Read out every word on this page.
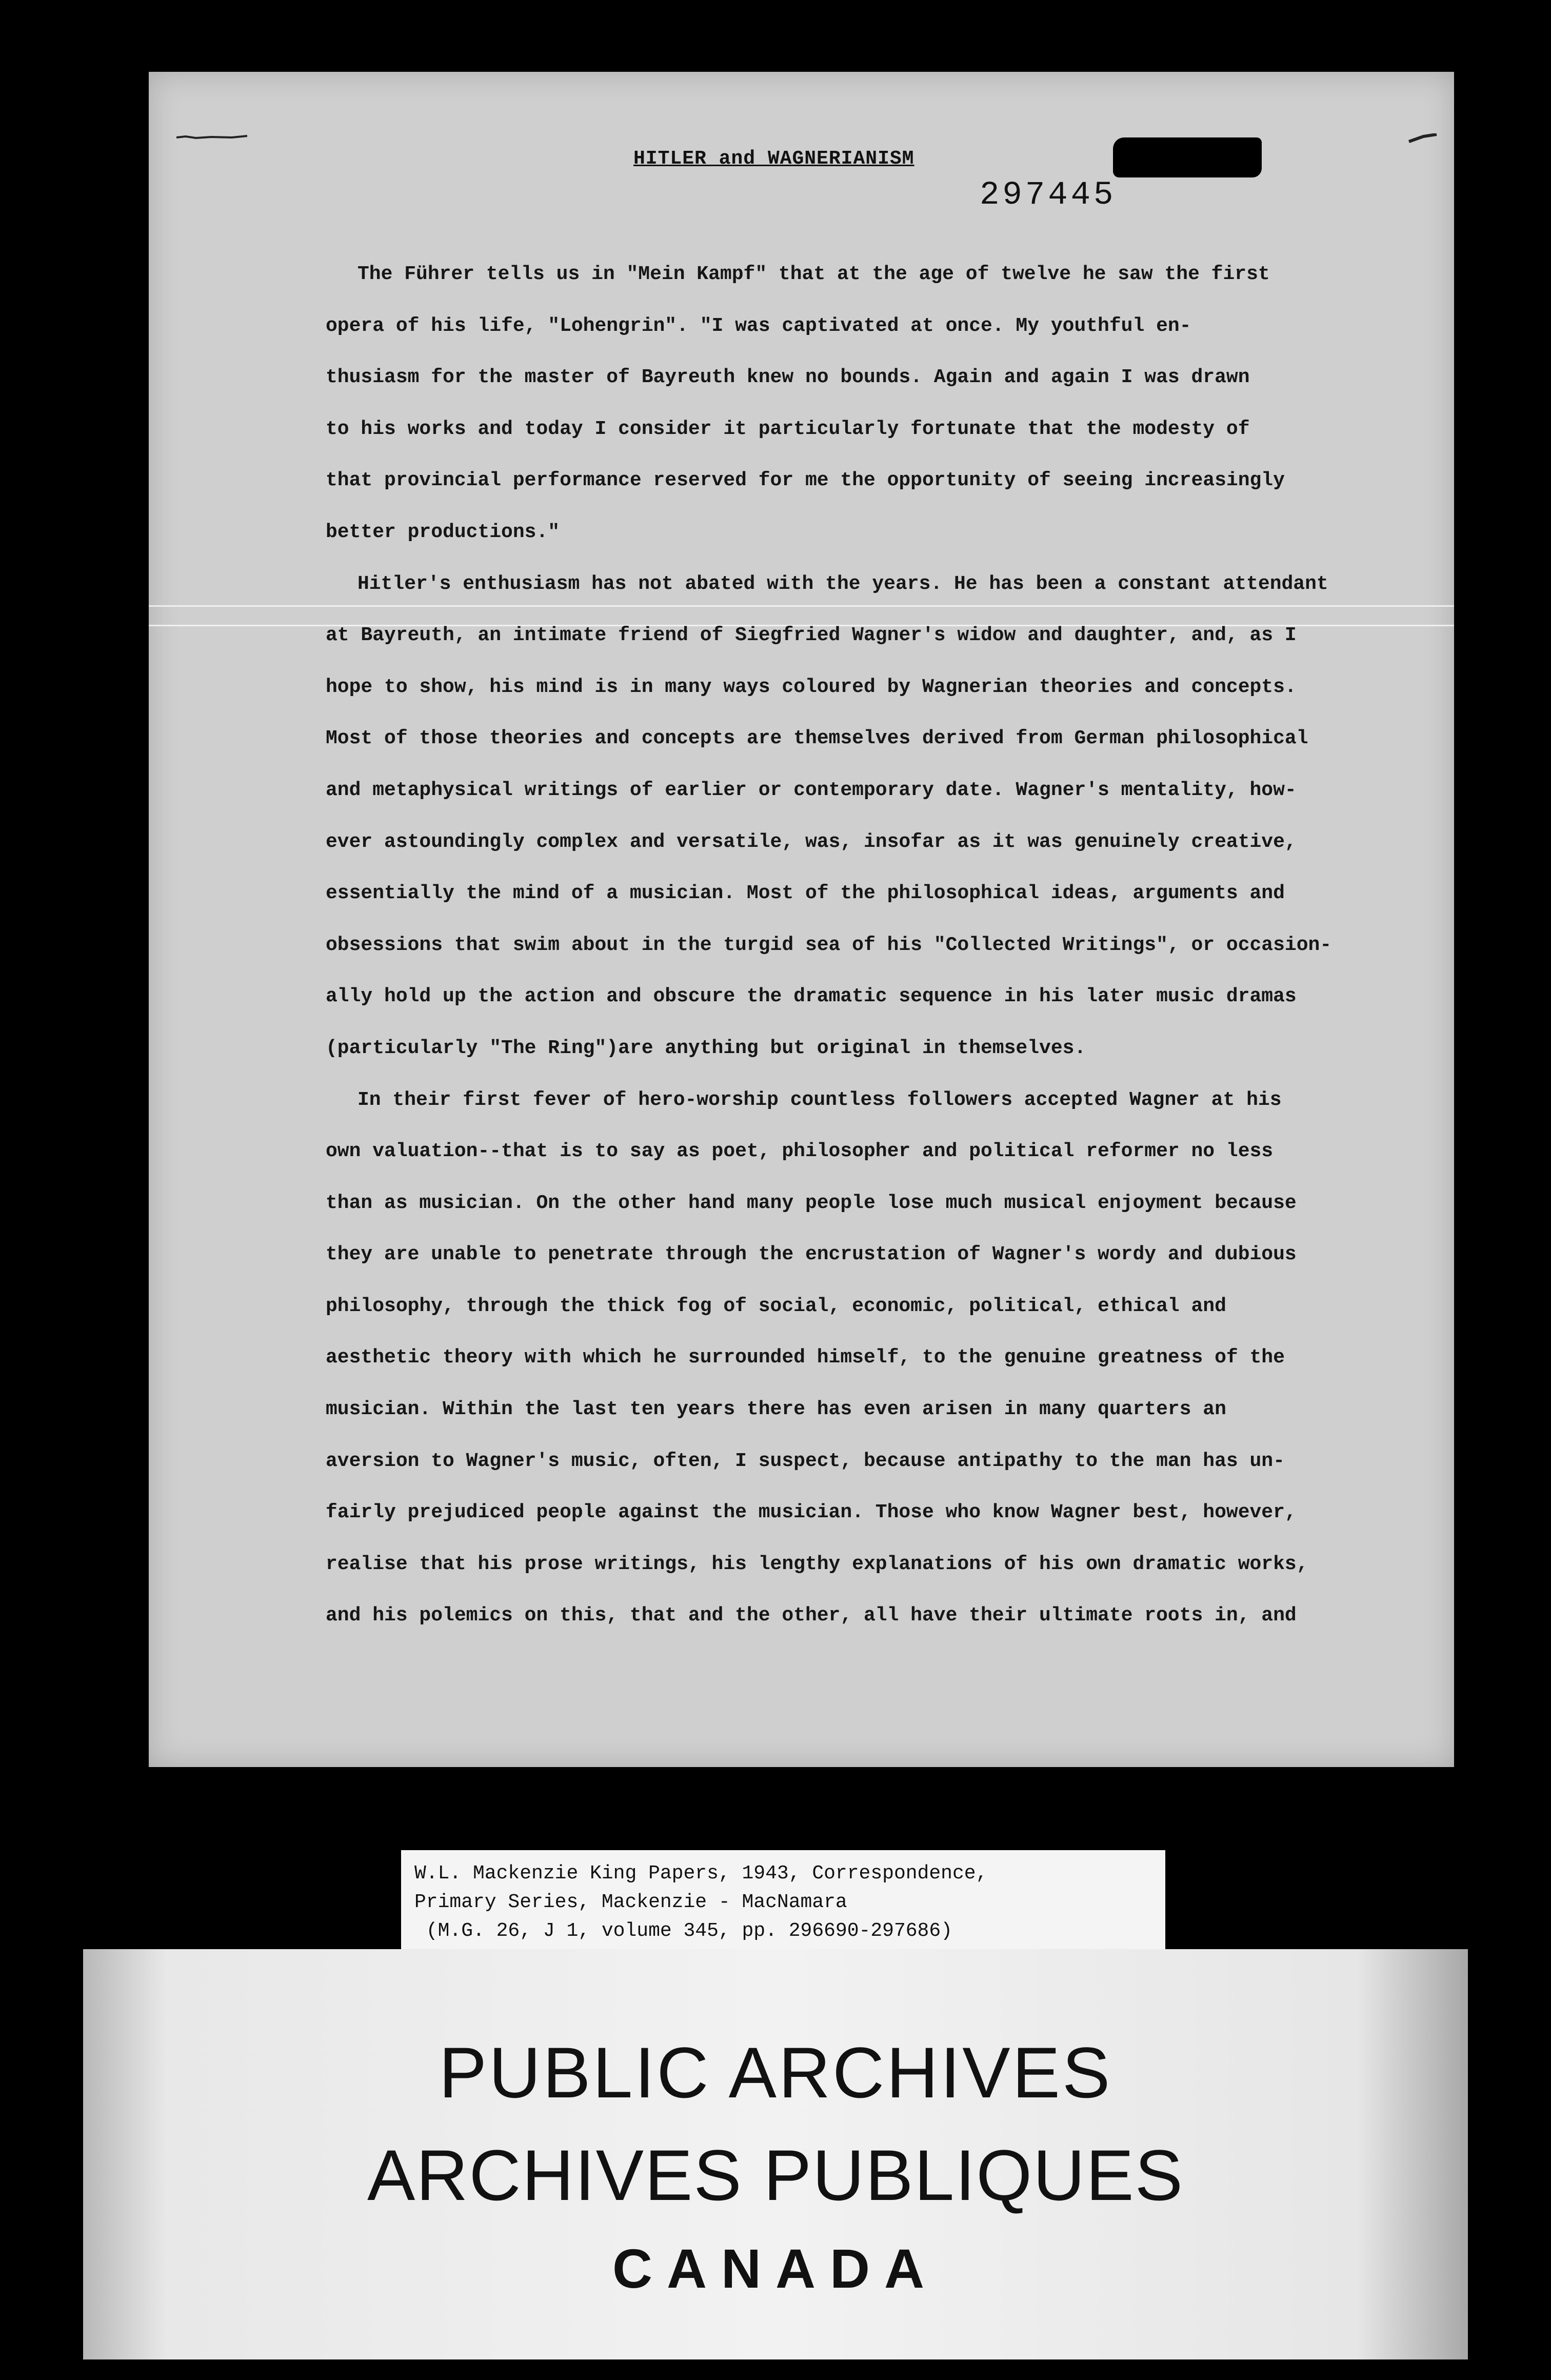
HITLER and WAGNERIANISM
297445
The Führer tells us in "Mein Kampf" that at the age of twelve he saw the first
opera of his life, "Lohengrin". "I was captivated at once. My youthful en-
thusiasm for the master of Bayreuth knew no bounds. Again and again I was drawn
to his works and today I consider it particularly fortunate that the modesty of
that provincial performance reserved for me the opportunity of seeing increasingly
better productions."
Hitler's enthusiasm has not abated with the years. He has been a constant attendant
at Bayreuth, an intimate friend of Siegfried Wagner's widow and daughter, and, as I
hope to show, his mind is in many ways coloured by Wagnerian theories and concepts.
Most of those theories and concepts are themselves derived from German philosophical
and metaphysical writings of earlier or contemporary date. Wagner's mentality, how-
ever astoundingly complex and versatile, was, insofar as it was genuinely creative,
essentially the mind of a musician. Most of the philosophical ideas, arguments and
obsessions that swim about in the turgid sea of his "Collected Writings", or occasion-
ally hold up the action and obscure the dramatic sequence in his later music dramas
(particularly "The Ring")are anything but original in themselves.
In their first fever of hero-worship countless followers accepted Wagner at his
own valuation--that is to say as poet, philosopher and political reformer no less
than as musician. On the other hand many people lose much musical enjoyment because
they are unable to penetrate through the encrustation of Wagner's wordy and dubious
philosophy, through the thick fog of social, economic, political, ethical and
aesthetic theory with which he surrounded himself, to the genuine greatness of the
musician. Within the last ten years there has even arisen in many quarters an
aversion to Wagner's music, often, I suspect, because antipathy to the man has un-
fairly prejudiced people against the musician. Those who know Wagner best, however,
realise that his prose writings, his lengthy explanations of his own dramatic works,
and his polemics on this, that and the other, all have their ultimate roots in, and
W.L. Mackenzie King Papers, 1943, Correspondence,
Primary Series, Mackenzie - MacNamara
(M.G. 26, J 1, volume 345, pp. 296690-297686)
PUBLIC ARCHIVES
ARCHIVES PUBLIQUES
CANADA
